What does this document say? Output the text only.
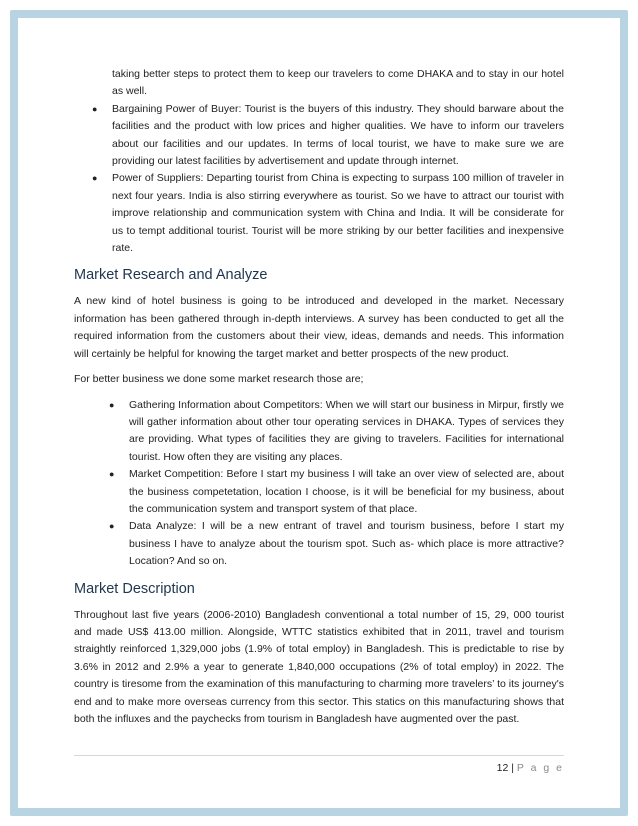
taking better steps to protect them to keep our travelers to come DHAKA and to stay in our hotel as well.

● Bargaining Power of Buyer: Tourist is the buyers of this industry. They should barware about the facilities and the product with low prices and higher qualities. We have to inform our travelers about our facilities and our updates. In terms of local tourist, we have to make sure we are providing our latest facilities by advertisement and update through internet.
● Power of Suppliers: Departing tourist from China is expecting to surpass 100 million of traveler in next four years. India is also stirring everywhere as tourist. So we have to attract our tourist with improve relationship and communication system with China and India. It will be considerate for us to tempt additional tourist. Tourist will be more striking by our better facilities and inexpensive rate.
Market Research and Analyze

A new kind of hotel business is going to be introduced and developed in the market. Necessary information has been gathered through in-depth interviews. A survey has been conducted to get all the required information from the customers about their view, ideas, demands and needs. This information will certainly be helpful for knowing the target market and better prospects of the new product.

For better business we done some market research those are;

● Gathering Information about Competitors: When we will start our business in Mirpur, firstly we will gather information about other tour operating services in DHAKA. Types of services they are providing. What types of facilities they are giving to travelers. Facilities for international tourist. How often they are visiting any places.
● Market Competition: Before I start my business I will take an over view of selected are, about the business competetation, location I choose, is it will be beneficial for my business, about the communication system and transport system of that place.
● Data Analyze: I will be a new entrant of travel and tourism business, before I start my business I have to analyze about the tourism spot. Such as- which place is more attractive? Location? And so on.
Market Description

Throughout last five years (2006-2010) Bangladesh conventional a total number of 15, 29, 000 tourist and made US$ 413.00 million. Alongside, WTTC statistics exhibited that in 2011, travel and tourism straightly reinforced 1,329,000 jobs (1.9% of total employ) in Bangladesh. This is predictable to rise by 3.6% in 2012 and 2.9% a year to generate 1,840,000 occupations (2% of total employ) in 2022. The country is tiresome from the examination of this manufacturing to charming more travelers’ to its journey's end and to make more overseas currency from this sector. This statics on this manufacturing shows that both the influxes and the paychecks from tourism in Bangladesh have augmented over the past.

12 | P a g e
